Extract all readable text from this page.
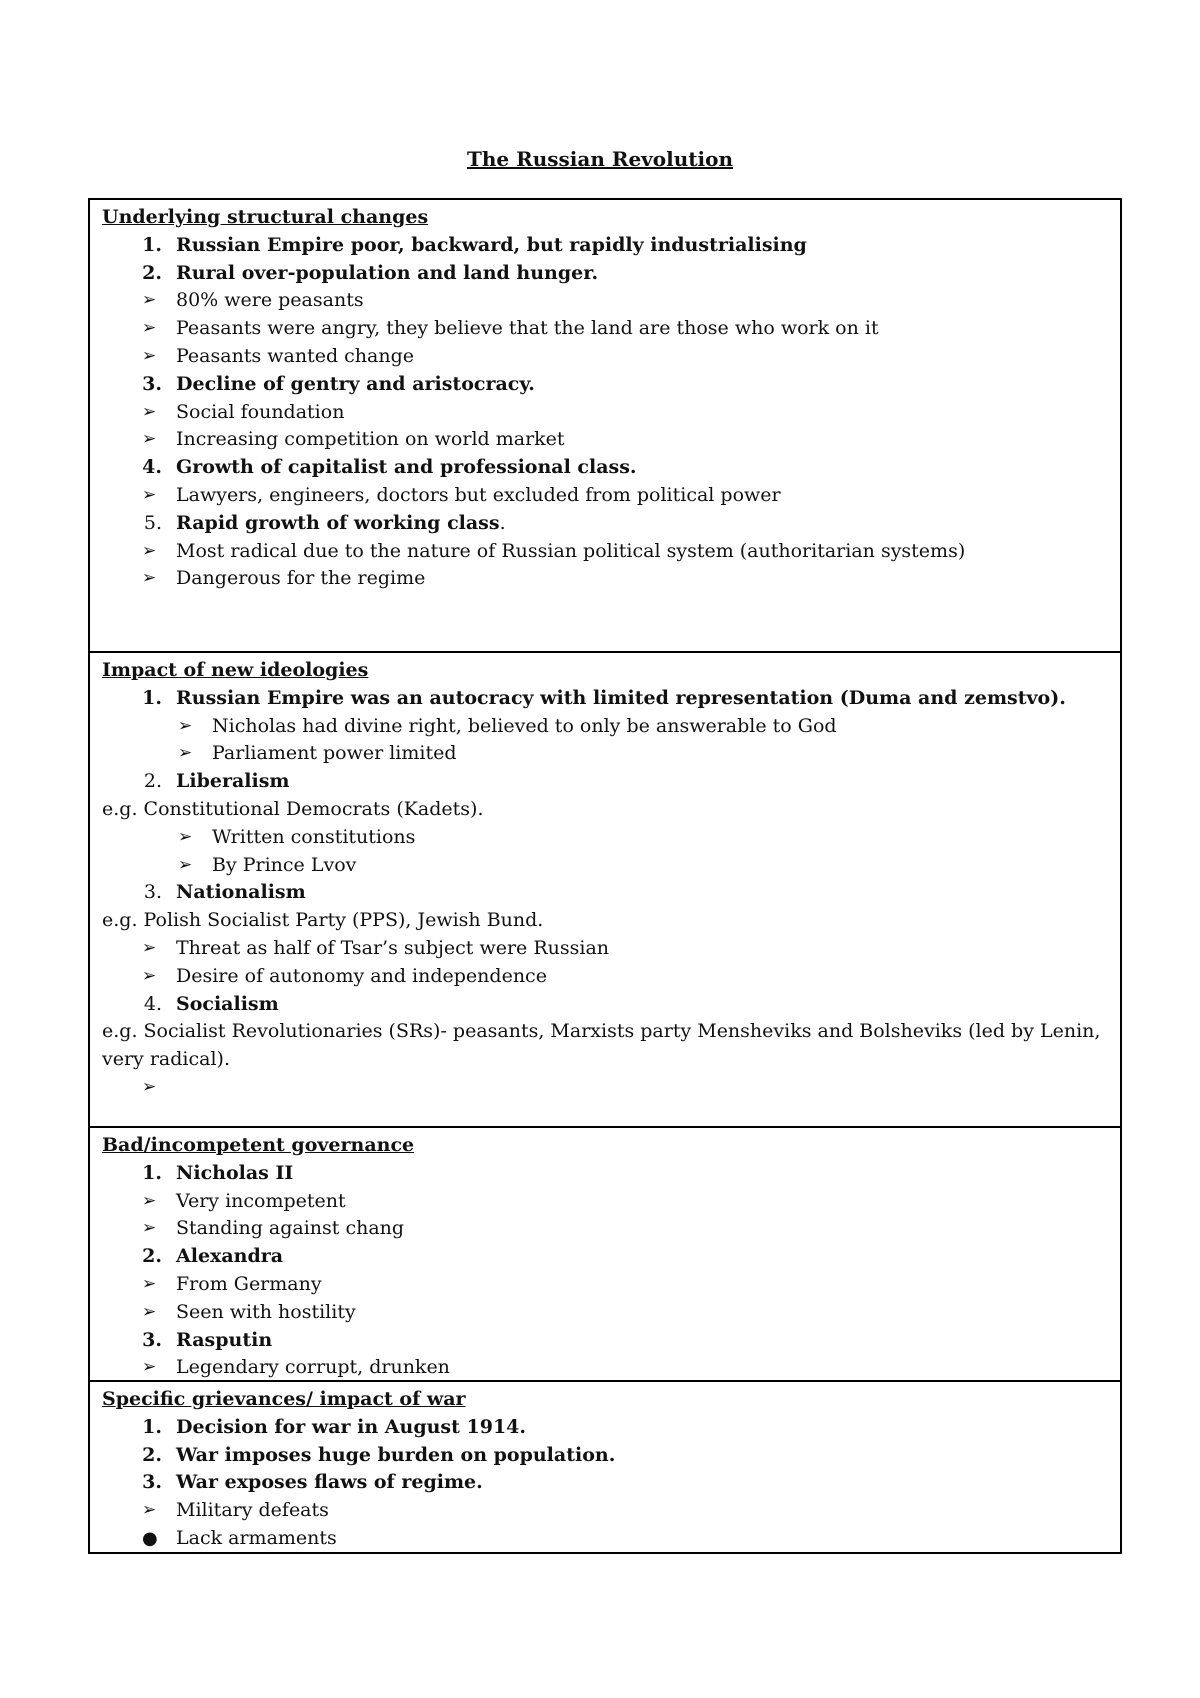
The Russian Revolution
Underlying structural changes
1. Russian Empire poor, backward, but rapidly industrialising
2. Rural over-population and land hunger.
➢ 80% were peasants
➢ Peasants were angry, they believe that the land are those who work on it
➢ Peasants wanted change
3. Decline of gentry and aristocracy.
➢ Social foundation
➢ Increasing competition on world market
4. Growth of capitalist and professional class.
➢ Lawyers, engineers, doctors but excluded from political power
5. Rapid growth of working class.
➢ Most radical due to the nature of Russian political system (authoritarian systems)
➢ Dangerous for the regime
Impact of new ideologies
1. Russian Empire was an autocracy with limited representation (Duma and zemstvo).
➢ Nicholas had divine right, believed to only be answerable to God
➢ Parliament power limited
2. Liberalism
e.g. Constitutional Democrats (Kadets).
➢ Written constitutions
➢ By Prince Lvov
3. Nationalism
e.g. Polish Socialist Party (PPS), Jewish Bund.
➢ Threat as half of Tsar’s subject were Russian
➢ Desire of autonomy and independence
4. Socialism
e.g. Socialist Revolutionaries (SRs)- peasants, Marxists party Mensheviks and Bolsheviks (led by Lenin, very radical).
➢
Bad/incompetent governance
1. Nicholas II
➢ Very incompetent
➢ Standing against chang
2. Alexandra
➢ From Germany
➢ Seen with hostility
3. Rasputin
➢ Legendary corrupt, drunken
Specific grievances/ impact of war
1. Decision for war in August 1914.
2. War imposes huge burden on population.
3. War exposes flaws of regime.
➢ Military defeats
● Lack armaments
